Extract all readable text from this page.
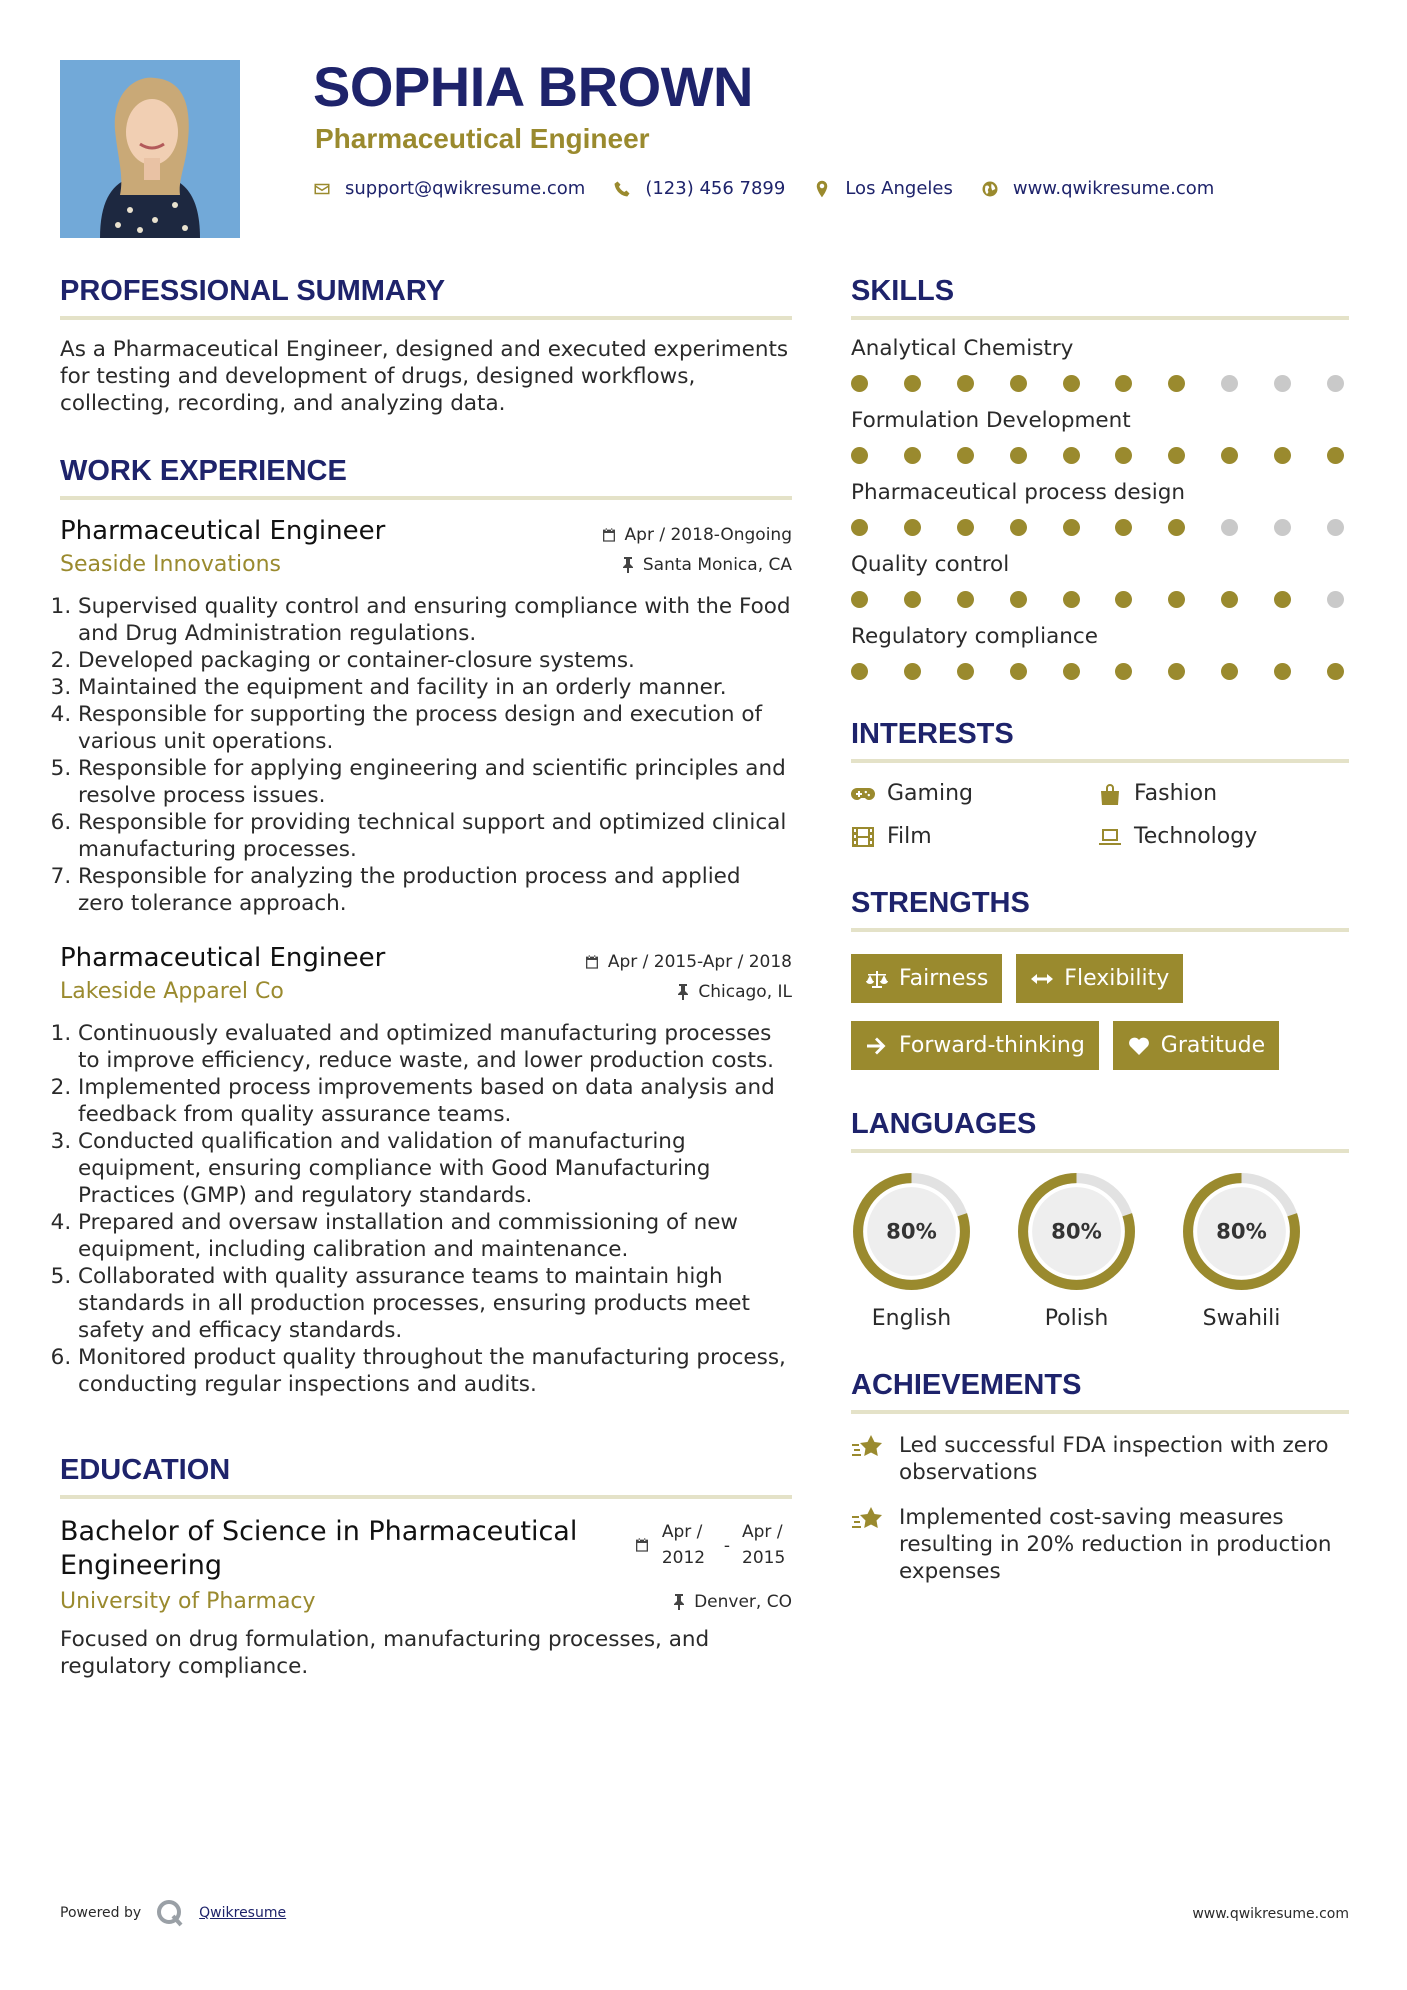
SOPHIA BROWN
Pharmaceutical Engineer
support@qwikresume.com	(123) 456 7899	Los Angeles	www.qwikresume.com
PROFESSIONAL SUMMARY
As a Pharmaceutical Engineer, designed and executed experiments for testing and development of drugs, designed workflows, collecting, recording, and analyzing data.
WORK EXPERIENCE
Pharmaceutical Engineer	Apr / 2018-Ongoing
Seaside Innovations	Santa Monica, CA
1. Supervised quality control and ensuring compliance with the Food and Drug Administration regulations.
2. Developed packaging or container-closure systems.
3. Maintained the equipment and facility in an orderly manner.
4. Responsible for supporting the process design and execution of various unit operations.
5. Responsible for applying engineering and scientific principles and resolve process issues.
6. Responsible for providing technical support and optimized clinical manufacturing processes.
7. Responsible for analyzing the production process and applied zero tolerance approach.
Pharmaceutical Engineer	Apr / 2015-Apr / 2018
Lakeside Apparel Co	Chicago, IL
1. Continuously evaluated and optimized manufacturing processes to improve efficiency, reduce waste, and lower production costs.
2. Implemented process improvements based on data analysis and feedback from quality assurance teams.
3. Conducted qualification and validation of manufacturing equipment, ensuring compliance with Good Manufacturing Practices (GMP) and regulatory standards.
4. Prepared and oversaw installation and commissioning of new equipment, including calibration and maintenance.
5. Collaborated with quality assurance teams to maintain high standards in all production processes, ensuring products meet safety and efficacy standards.
6. Monitored product quality throughout the manufacturing process, conducting regular inspections and audits.
EDUCATION
Bachelor of Science in Pharmaceutical Engineering
Apr / 2012
-
Apr / 2015
University of Pharmacy	Denver, CO
Focused on drug formulation, manufacturing processes, and regulatory compliance.
SKILLS
Analytical Chemistry
Formulation Development
Pharmaceutical process design
Quality control
Regulatory compliance
INTERESTS
Gaming	Fashion
Film	Technology
STRENGTHS
Fairness	Flexibility
Forward-thinking	Gratitude
LANGUAGES
80%
English
80%
Polish
80%
Swahili
ACHIEVEMENTS
Led successful FDA inspection with zero observations
Implemented cost-saving measures resulting in 20% reduction in production expenses
Powered by	Qwikresume	www.qwikresume.com
